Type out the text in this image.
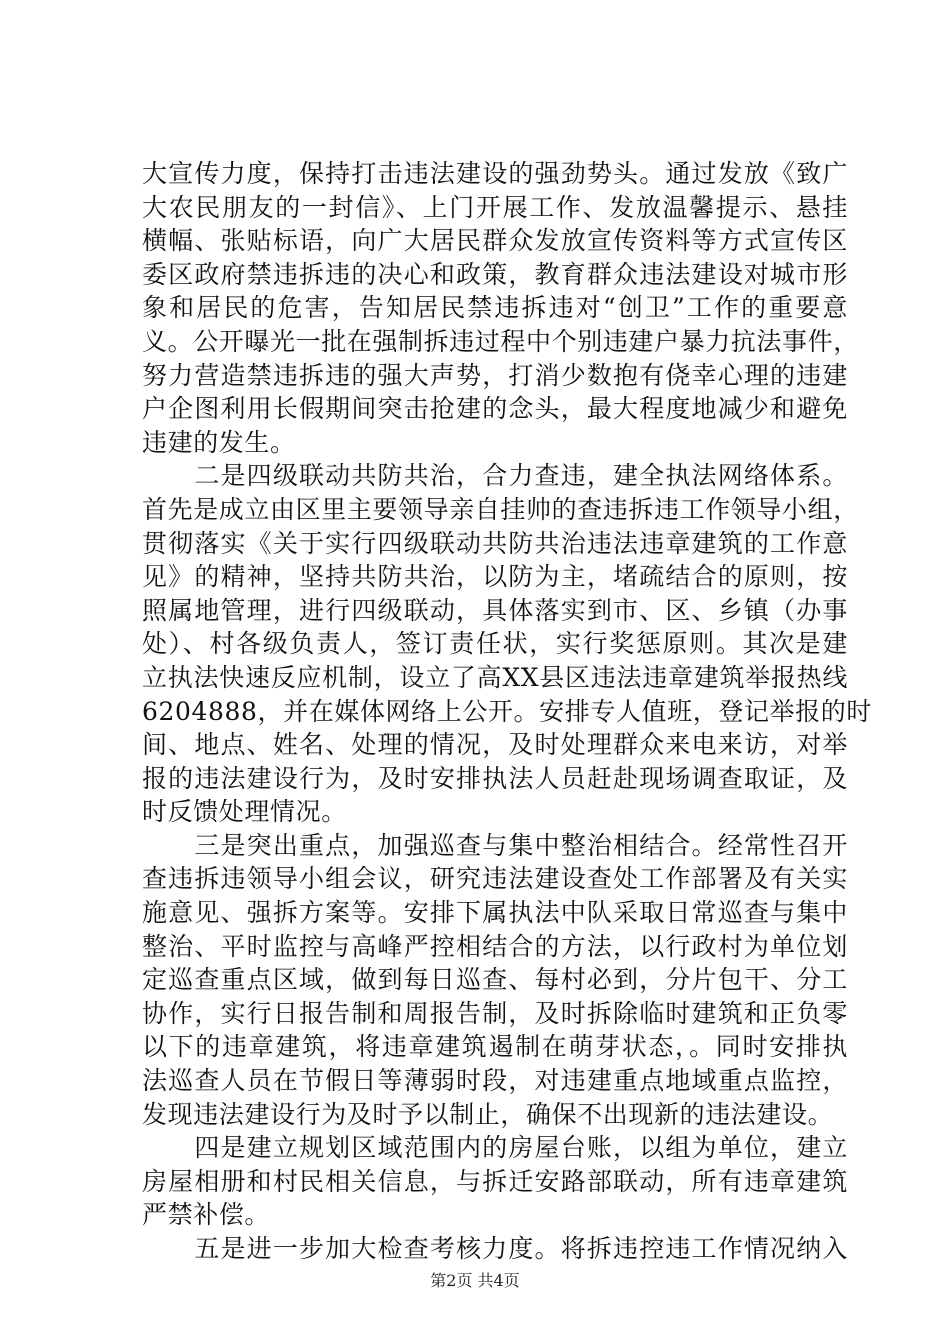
大宣传力度，保持打击违法建设的强劲势头。通过发放《致广
大农民朋友的一封信》、上门开展工作、发放温馨提示、悬挂
横幅、张贴标语，向广大居民群众发放宣传资料等方式宣传区
委区政府禁违拆违的决心和政策，教育群众违法建设对城市形
象和居民的危害，告知居民禁违拆违对“创卫”工作的重要意
义。公开曝光一批在强制拆违过程中个别违建户暴力抗法事件，
努力营造禁违拆违的强大声势，打消少数抱有侥幸心理的违建
户企图利用长假期间突击抢建的念头，最大程度地减少和避免
违建的发生。
　　二是四级联动共防共治，合力查违，建全执法网络体系。
首先是成立由区里主要领导亲自挂帅的查违拆违工作领导小组，
贯彻落实《关于实行四级联动共防共治违法违章建筑的工作意
见》的精神，坚持共防共治，以防为主，堵疏结合的原则，按
照属地管理，进行四级联动，具体落实到市、区、乡镇（办事
处）、村各级负责人，签订责任状，实行奖惩原则。其次是建
立执法快速反应机制，设立了高XX县区违法违章建筑举报热线
6204888，并在媒体网络上公开。安排专人值班，登记举报的时
间、地点、姓名、处理的情况，及时处理群众来电来访，对举
报的违法建设行为，及时安排执法人员赶赴现场调查取证，及
时反馈处理情况。
　　三是突出重点，加强巡查与集中整治相结合。经常性召开
查违拆违领导小组会议，研究违法建设查处工作部署及有关实
施意见、强拆方案等。安排下属执法中队采取日常巡查与集中
整治、平时监控与高峰严控相结合的方法，以行政村为单位划
定巡查重点区域，做到每日巡查、每村必到，分片包干、分工
协作，实行日报告制和周报告制，及时拆除临时建筑和正负零
以下的违章建筑，将违章建筑遏制在萌芽状态，。同时安排执
法巡查人员在节假日等薄弱时段，对违建重点地域重点监控，
发现违法建设行为及时予以制止，确保不出现新的违法建设。
　　四是建立规划区域范围内的房屋台账，以组为单位，建立
房屋相册和村民相关信息，与拆迁安路部联动，所有违章建筑
严禁补偿。
　　五是进一步加大检查考核力度。将拆违控违工作情况纳入
第2页 共4页
